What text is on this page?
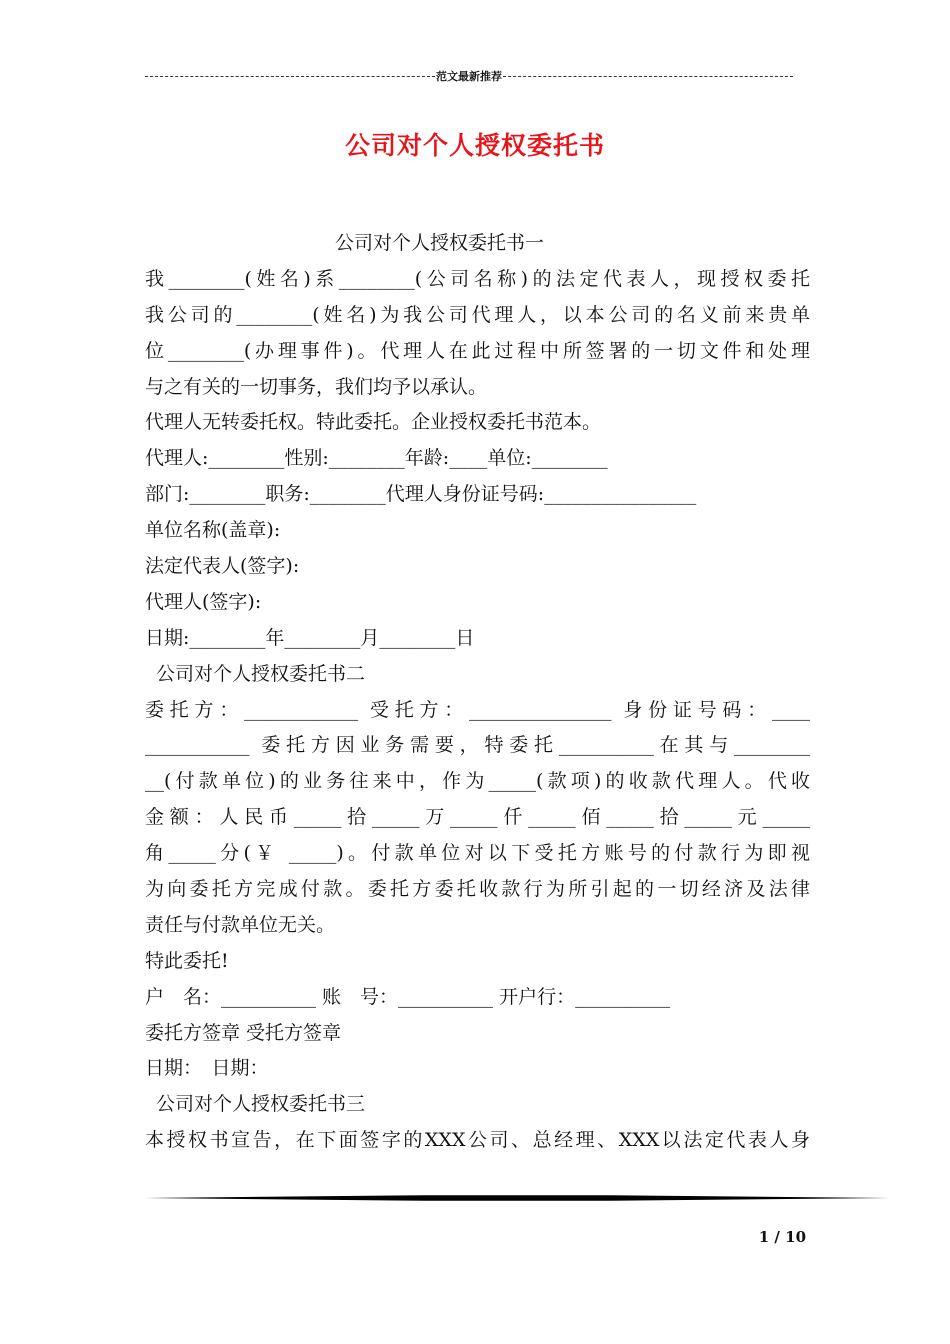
范文最新推荐
公司对个人授权委托书
公司对个人授权委托书一
我________(姓名)系________(公司名称)的法定代表人，现授权委托
我公司的________(姓名)为我公司代理人，以本公司的名义前来贵单
位________(办理事件)。代理人在此过程中所签署的一切文件和处理
与之有关的一切事务，我们均予以承认。
代理人无转委托权。特此委托。企业授权委托书范本。
代理人:________性别:________年龄:____单位:________
部门:________职务:________代理人身份证号码:________________
单位名称(盖章):
法定代表人(签字):
代理人(签字):
日期:________年________月________日
公司对个人授权委托书二
委托方：____________ 受托方：_______________ 身份证号码：____
___________ 委托方因业务需要，特委托__________在其与________
__(付款单位)的业务往来中，作为_____(款项)的收款代理人。代收
金额：人民币_____拾_____万_____仟_____佰_____拾_____元_____
角_____分(￥ _____)。付款单位对以下受托方账号的付款行为即视
为向委托方完成付款。委托方委托收款行为所引起的一切经济及法律
责任与付款单位无关。
特此委托!
户　名：__________ 账　号：__________ 开户行：__________
委托方签章 受托方签章
日期：　日期：
公司对个人授权委托书三
本授权书宣告，在下面签字的XXX公司、总经理、XXX以法定代表人身
1 / 10
